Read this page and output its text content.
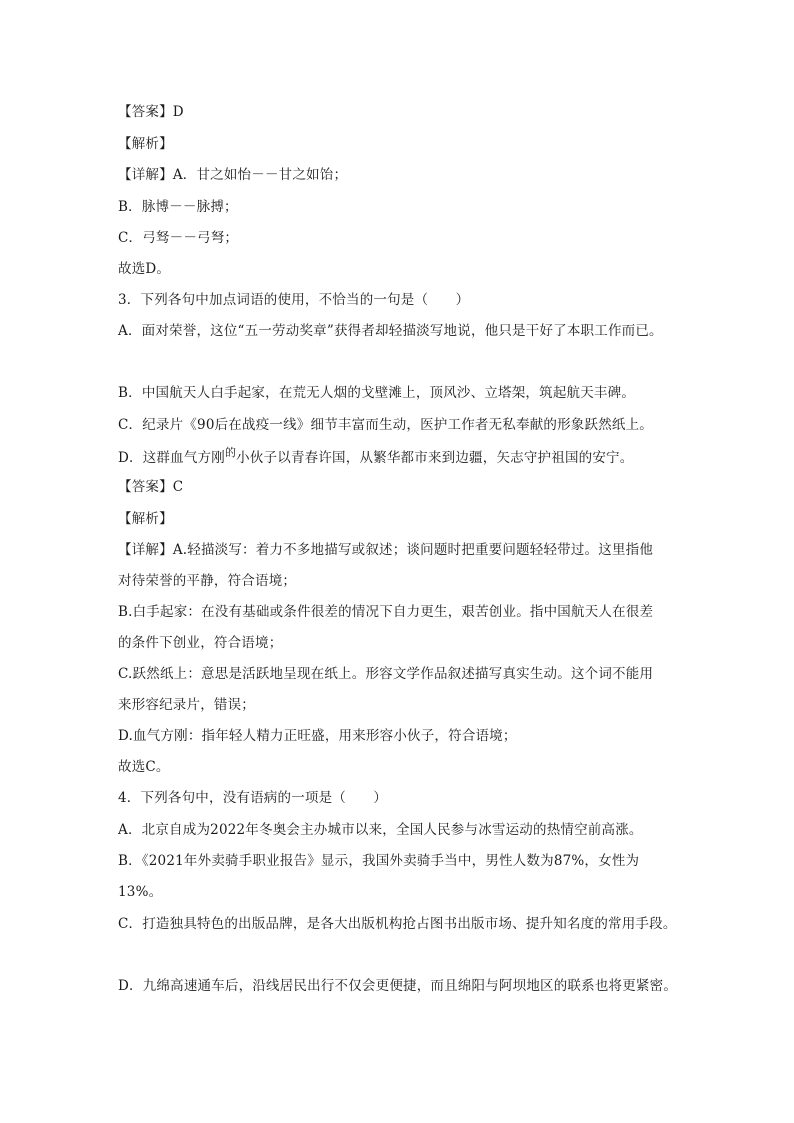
【答案】D
【解析】
【详解】A．甘之如怡－－甘之如饴；
B．脉博－－脉搏；
C．弓驽－－弓弩；
故选D。
3．下列各句中加点词语的使用，不恰当的一句是（　　）
A．面对荣誉，这位“五一劳动奖章”获得者却轻描淡写地说，他只是干好了本职工作而已。
B．中国航天人白手起家，在荒无人烟的戈壁滩上，顶风沙、立塔架，筑起航天丰碑。
C．纪录片《90后在战疫一线》细节丰富而生动，医护工作者无私奉献的形象跃然纸上。
D．这群血气方刚$^的$小伙子以青春许国，从繁华都市来到边疆，矢志守护祖国的安宁。
【答案】C
【解析】
【详解】A.轻描淡写：着力不多地描写或叙述；谈问题时把重要问题轻轻带过。这里指他
对待荣誉的平静，符合语境；
B.白手起家：在没有基础或条件很差的情况下自力更生，艰苦创业。指中国航天人在很差
的条件下创业，符合语境；
C.跃然纸上：意思是活跃地呈现在纸上。形容文学作品叙述描写真实生动。这个词不能用
来形容纪录片，错误；
D.血气方刚：指年轻人精力正旺盛，用来形容小伙子，符合语境；
故选C。
4．下列各句中，没有语病的一项是（　　）
A．北京自成为2022年冬奥会主办城市以来，全国人民参与冰雪运动的热情空前高涨。
B．《2021年外卖骑手职业报告》显示，我国外卖骑手当中，男性人数为87%，女性为
13%。
C．打造独具特色的出版品牌，是各大出版机构抢占图书出版市场、提升知名度的常用手段。
D．九绵高速通车后，沿线居民出行不仅会更便捷，而且绵阳与阿坝地区的联系也将更紧密。
